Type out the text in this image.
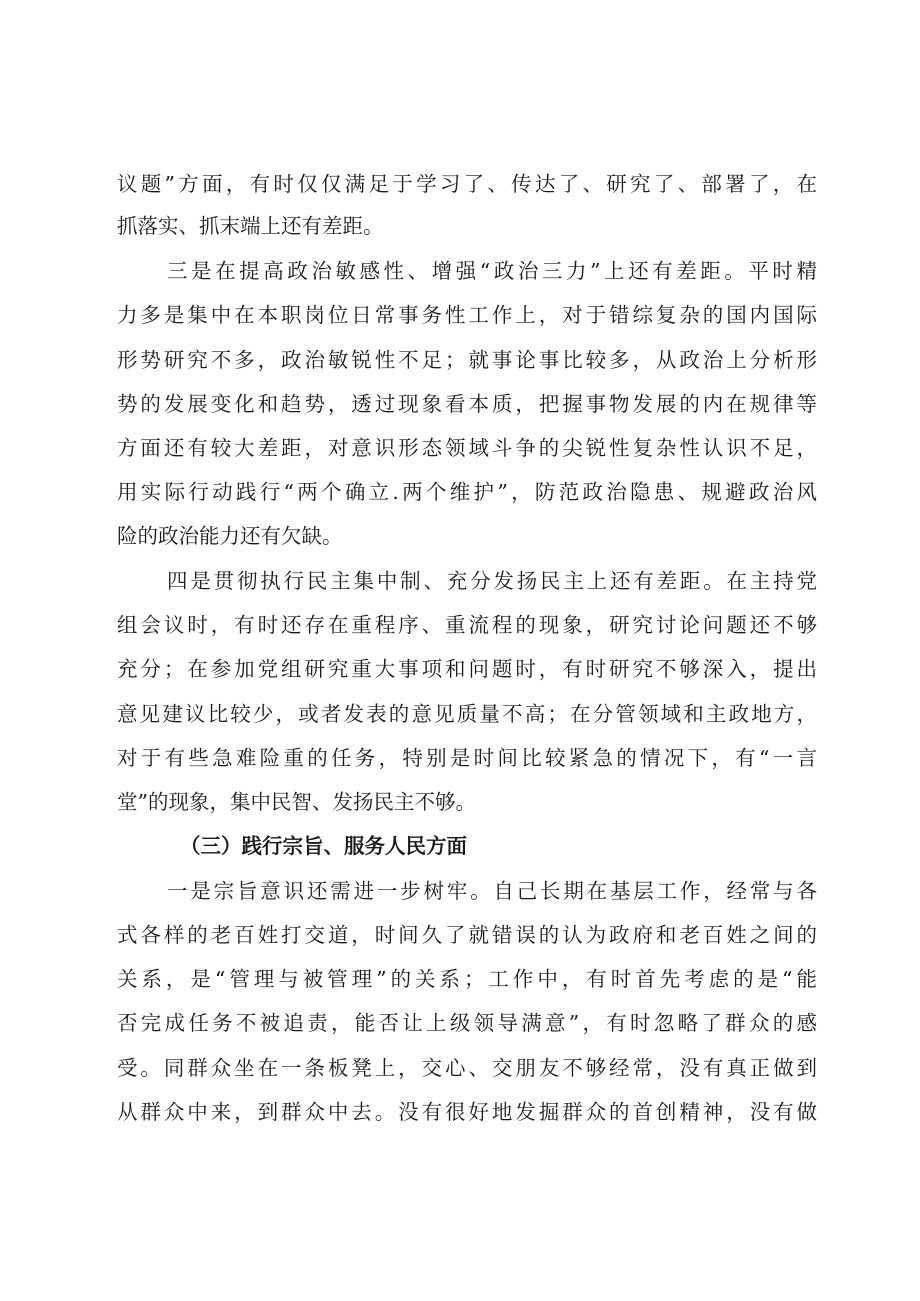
议题”方面，有时仅仅满足于学习了、传达了、研究了、部署了，在
抓落实、抓末端上还有差距。
三是在提高政治敏感性、增强“政治三力”上还有差距。平时精
力多是集中在本职岗位日常事务性工作上，对于错综复杂的国内国际
形势研究不多，政治敏锐性不足；就事论事比较多，从政治上分析形
势的发展变化和趋势，透过现象看本质，把握事物发展的内在规律等
方面还有较大差距，对意识形态领域斗争的尖锐性复杂性认识不足，
用实际行动践行“两个确立.两个维护”，防范政治隐患、规避政治风
险的政治能力还有欠缺。
四是贯彻执行民主集中制、充分发扬民主上还有差距。在主持党
组会议时，有时还存在重程序、重流程的现象，研究讨论问题还不够
充分；在参加党组研究重大事项和问题时，有时研究不够深入，提出
意见建议比较少，或者发表的意见质量不高；在分管领域和主政地方，
对于有些急难险重的任务，特别是时间比较紧急的情况下，有“一言
堂”的现象，集中民智、发扬民主不够。
（三）践行宗旨、服务人民方面
一是宗旨意识还需进一步树牢。自己长期在基层工作，经常与各
式各样的老百姓打交道，时间久了就错误的认为政府和老百姓之间的
关系，是“管理与被管理”的关系；工作中，有时首先考虑的是“能
否完成任务不被追责，能否让上级领导满意”，有时忽略了群众的感
受。同群众坐在一条板凳上，交心、交朋友不够经常，没有真正做到
从群众中来，到群众中去。没有很好地发掘群众的首创精神，没有做
